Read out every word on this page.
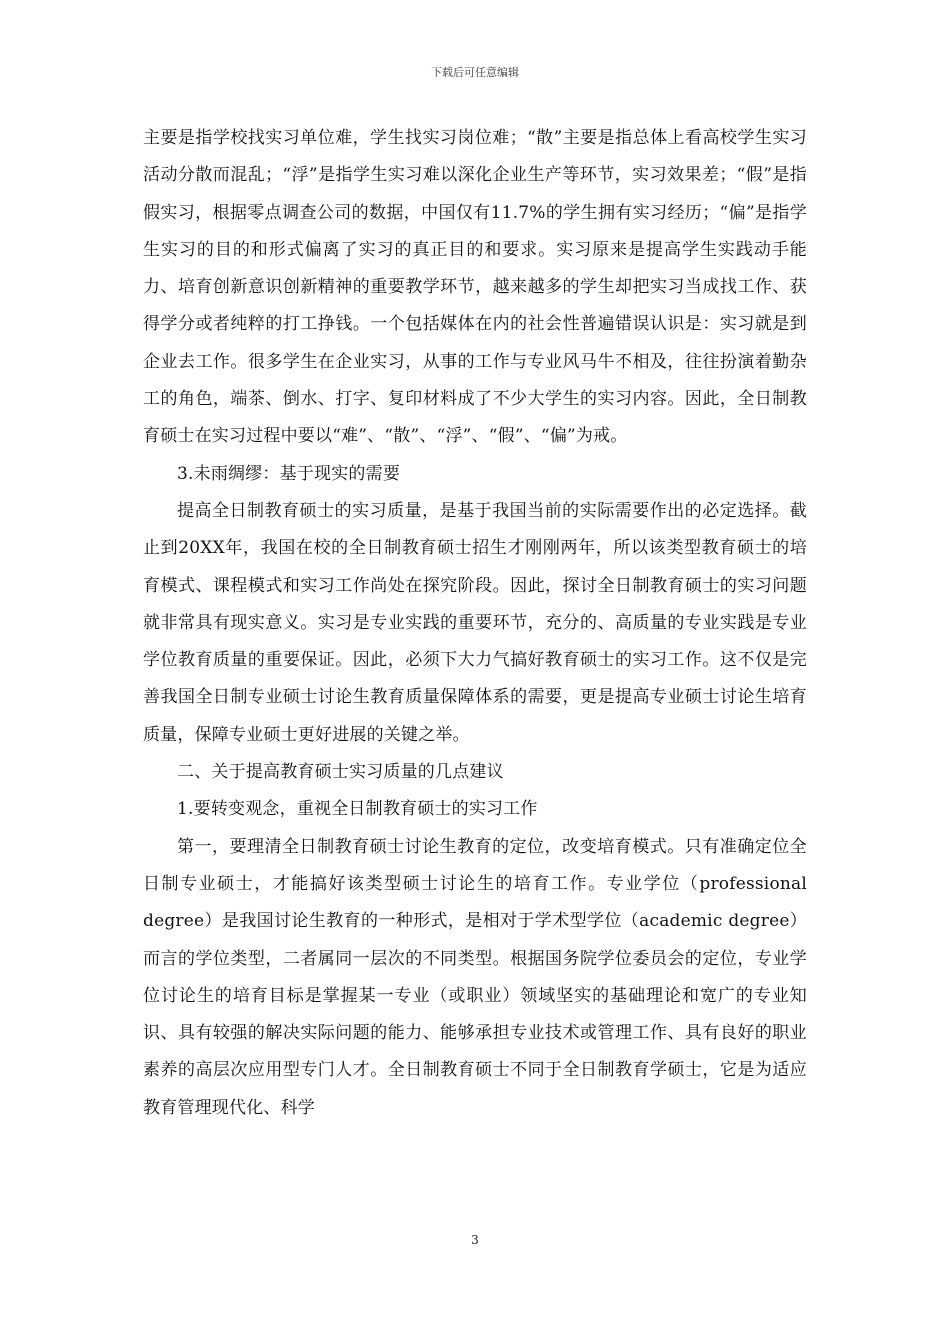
下载后可任意编辑

主要是指学校找实习单位难，学生找实习岗位难；“散”主要是指总体上看高校学生实习活动分散而混乱；“浮”是指学生实习难以深化企业生产等环节，实习效果差；“假”是指假实习，根据零点调查公司的数据，中国仅有11.7%的学生拥有实习经历；“偏”是指学生实习的目的和形式偏离了实习的真正目的和要求。实习原来是提高学生实践动手能力、培育创新意识创新精神的重要教学环节，越来越多的学生却把实习当成找工作、获得学分或者纯粹的打工挣钱。一个包括媒体在内的社会性普遍错误认识是：实习就是到企业去工作。很多学生在企业实习，从事的工作与专业风马牛不相及，往往扮演着勤杂工的角色，端茶、倒水、打字、复印材料成了不少大学生的实习内容。因此，全日制教育硕士在实习过程中要以“难”、“散”、“浮”、“假”、“偏”为戒。

3.未雨绸缪：基于现实的需要

提高全日制教育硕士的实习质量，是基于我国当前的实际需要作出的必定选择。截止到20XX年，我国在校的全日制教育硕士招生才刚刚两年，所以该类型教育硕士的培育模式、课程模式和实习工作尚处在探究阶段。因此，探讨全日制教育硕士的实习问题就非常具有现实意义。实习是专业实践的重要环节，充分的、高质量的专业实践是专业学位教育质量的重要保证。因此，必须下大力气搞好教育硕士的实习工作。这不仅是完善我国全日制专业硕士讨论生教育质量保障体系的需要，更是提高专业硕士讨论生培育质量，保障专业硕士更好进展的关键之举。

二、关于提高教育硕士实习质量的几点建议

1.要转变观念，重视全日制教育硕士的实习工作

第一，要理清全日制教育硕士讨论生教育的定位，改变培育模式。只有准确定位全日制专业硕士，才能搞好该类型硕士讨论生的培育工作。专业学位（professional degree）是我国讨论生教育的一种形式，是相对于学术型学位（academic degree）而言的学位类型，二者属同一层次的不同类型。根据国务院学位委员会的定位，专业学位讨论生的培育目标是掌握某一专业（或职业）领域坚实的基础理论和宽广的专业知识、具有较强的解决实际问题的能力、能够承担专业技术或管理工作、具有良好的职业素养的高层次应用型专门人才。全日制教育硕士不同于全日制教育学硕士，它是为适应教育管理现代化、科学

3
